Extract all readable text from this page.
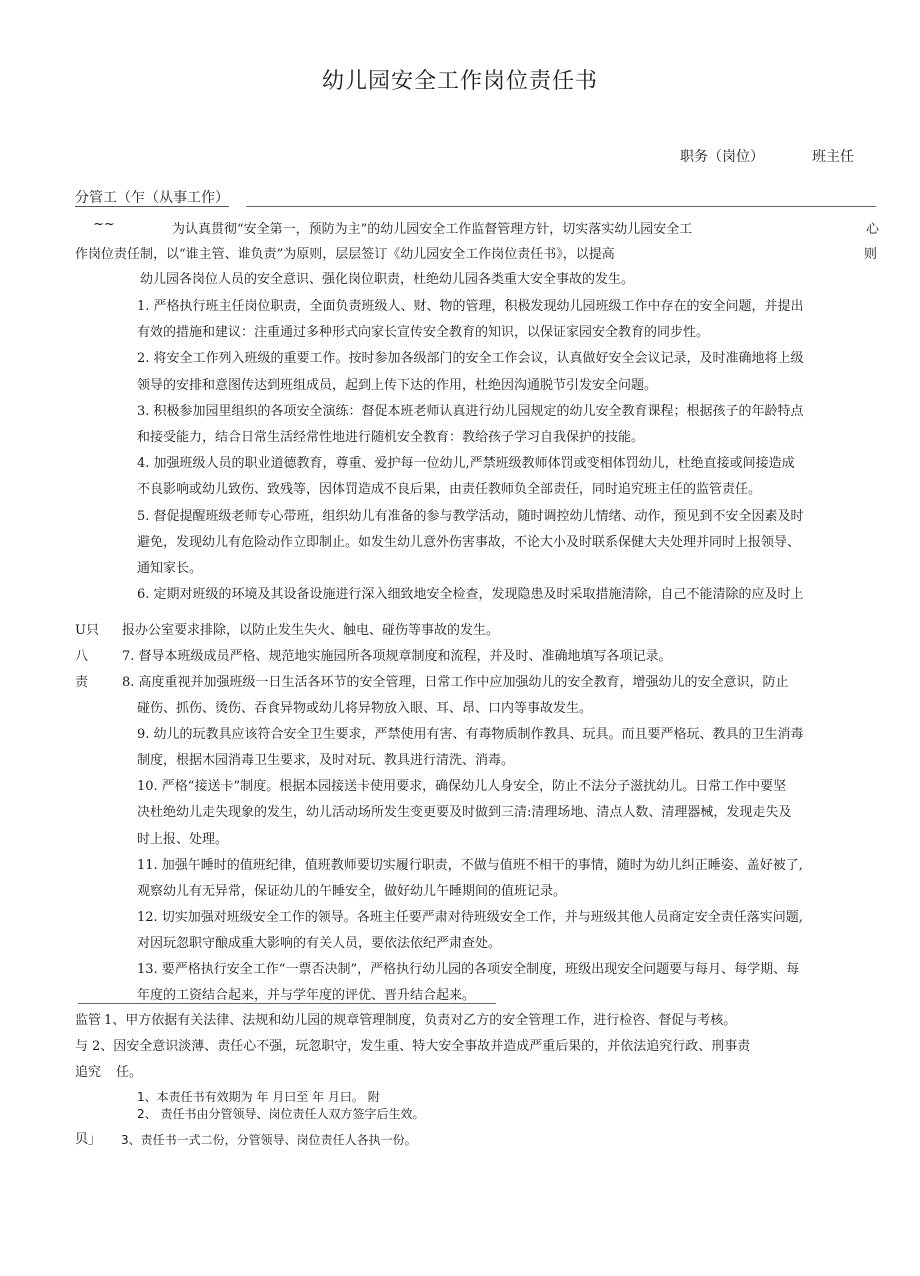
幼儿园安全工作岗位责任书
职务（岗位）	班主任
分管工（乍（从事工作）
~~	为认真贯彻“安全第一，预防为主”的幼儿园安全工作监督管理方针，切实落实幼儿园安全工	心
作岗位责任制，以“谁主管、谁负责”为原则，层层签订《幼儿园安全工作岗位责任书》，以提高	则
幼儿园各岗位人员的安全意识、强化岗位职责，杜绝幼儿园各类重大安全事故的发生。
1. 严格执行班主任岗位职责，全面负责班级人、财、物的管理，积极发现幼儿园班级工作中存在的安全问题，并提出
有效的措施和建议：注重通过多种形式向家长宣传安全教育的知识，以保证家园安全教育的同步性。
2. 将安全工作列入班级的重要工作。按时参加各级部门的安全工作会议，认真做好安全会议记录，及时准确地将上级
领导的安排和意图传达到班组成员，起到上传下达的作用，杜绝因沟通脱节引发安全问题。
3. 积极参加园里组织的各项安全演练：督促本班老师认真进行幼儿园规定的幼儿安全教育课程；根据孩子的年龄特点
和接受能力，结合日常生活经常性地进行随机安全教育：教给孩子学习自我保护的技能。
4. 加强班级人员的职业道德教育，尊重、爱护每一位幼儿,严禁班级教师体罚或变相体罚幼儿，杜绝直接或间接造成
不良影响或幼儿致伤、致残等，因体罚造成不良后果，由责任教师负全部责任，同时追究班主任的监管责任。
5. 督促提醒班级老师专心带班，组织幼儿有准备的参与教学活动，随时调控幼儿情绪、动作，预见到不安全因素及时
避免，发现幼儿有危险动作立即制止。如发生幼儿意外伤害事故，不论大小及时联系保健大夫处理并同时上报领导、
通知家长。
6. 定期对班级的环境及其设备设施进行深入细致地安全检查，发现隐患及时采取措施清除，自己不能清除的应及时上
U只 报办公室要求排除，以防止发生失火、触电、碰伤等事故的发生。
八	7. 督导本班级成员严格、规范地实施园所各项规章制度和流程，并及时、准确地填写各项记录。
责	8. 高度重视并加强班级一日生活各环节的安全管理，日常工作中应加强幼儿的安全教育，增强幼儿的安全意识，防止
碰伤、抓伤、烫伤、吞食异物或幼儿将异物放入眼、耳、昂、口内等事故发生。
9. 幼儿的玩教具应该符合安全卫生要求，严禁使用有害、有毒物质制作教具、玩具。而且要严格玩、教具的卫生消毒
制度，根据木园消毒卫生要求，及时对玩、教具进行清洗、消毒。
10. 严格“接送卡”制度。根据本园接送卡使用要求，确保幼儿人身安全，防止不法分子滋扰幼儿。日常工作中要坚
决杜绝幼儿走失现象的发生，幼儿活动场所发生变更要及时做到三清:清理场地、清点人数、清理器械，发现走失及
时上报、处理。
11. 加强午睡时的值班纪律，值班教师要切实履行职责，不做与值班不相干的事情，随时为幼儿纠正睡姿、盖好被了,
观察幼儿有无异常，保证幼儿的午睡安全，做好幼儿午睡期间的值班记录。
12. 切实加强对班级安全工作的领导。各班主任要严肃对待班级安全工作，并与班级其他人员商定安全责任落实问题,
对因玩忽职守酿成重大影响的有关人员，要依法依纪严肃查处。
13. 要严格执行安全工作“一票否决制”，严格执行幼儿园的各项安全制度，班级出现安全问题要与每月、每学期、每
年度的工资结合起来，并与学年度的评优、晋升结合起来。
监管 1、甲方依据有关法律、法规和幼儿园的规章管理制度，负责对乙方的安全管理工作，进行检咨、督促与考核。
与 2、因安全意识淡薄、责任心不强，玩忽职守，发生重、特大安全事故并造成严重后果的，并依法追究行政、刑事责
追究 任。
1、本责任书有效期为 年 月曰至 年 月曰。 附
2、 责任书由分管领导、岗位责任人双方签字后生效。
贝」 3、责任书一式二份，分管领导、岗位责任人各执一份。
